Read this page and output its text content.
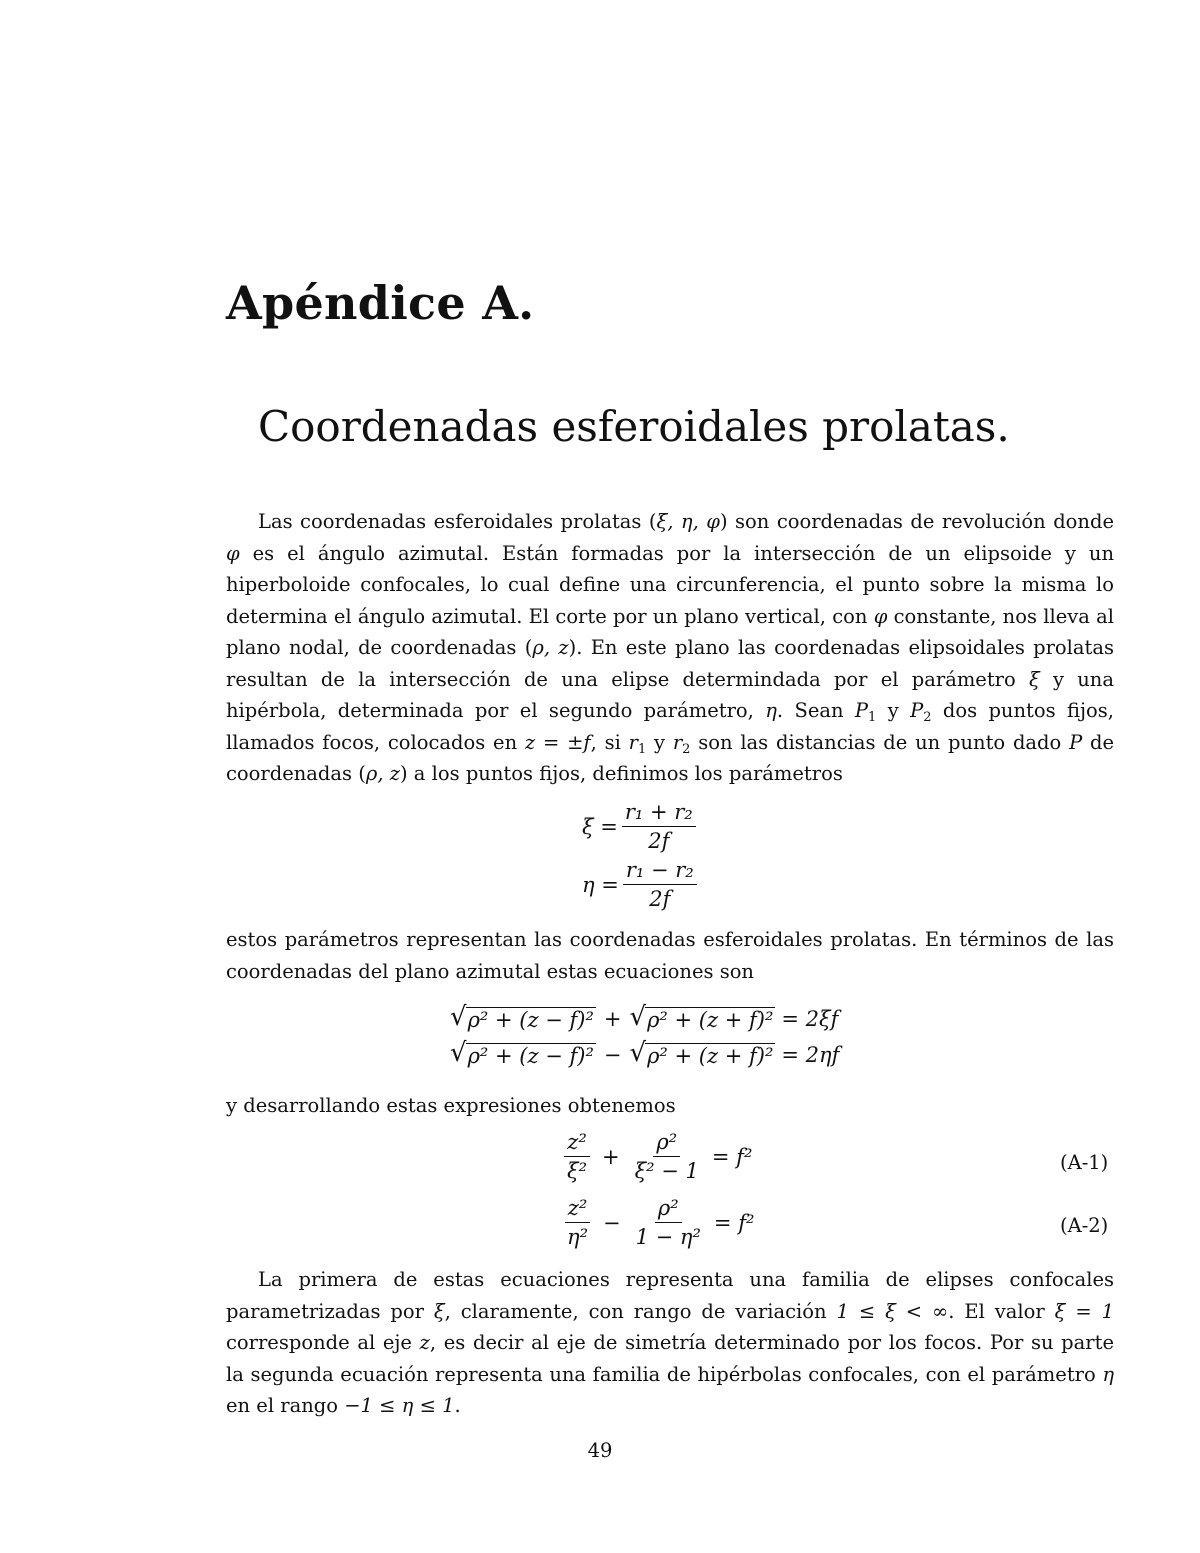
Apéndice A.
Coordenadas esferoidales prolatas.

Las coordenadas esferoidales prolatas (ξ, η, φ) son coordenadas de revolución donde φ es el ángulo azimutal. Están formadas por la intersección de un elipsoide y un hiperboloide confocales, lo cual define una circunferencia, el punto sobre la misma lo determina el ángulo azimutal. El corte por un plano vertical, con φ constante, nos lleva al plano nodal, de coordenadas (ρ, z). En este plano las coordenadas elipsoidales prolatas resultan de la intersección de una elipse determindada por el parámetro ξ y una hipérbola, determinada por el segundo parámetro, η. Sean $P_1$ y $P_2$ dos puntos fijos, llamados focos, colocados en z = ±f, si $r_1$ y $r_2$ son las distancias de un punto dado P de coordenadas (ρ, z) a los puntos fijos, definimos los parámetros

$\xi = \frac{\text{r₁ + r₂}}{2f}$
$\eta = \frac{\text{r₁ − r₂}}{2f}$

estos parámetros representan las coordenadas esferoidales prolatas. En términos de las coordenadas del plano azimutal estas ecuaciones son

√ ρ² + (z − f)² + √ ρ² + (z + f)² = 2ξf
√ ρ² + (z − f)² − √ ρ² + (z + f)² = 2ηf

y desarrollando estas expresiones obtenemos

$\frac{\text{z²}}{\text{ξ²}} + \frac{\text{ρ²}}{\text{ξ² − 1}} = f^2$	(A-1)
$\frac{\text{z²}}{\text{η²}} - \frac{\text{ρ²}}{\text{1 − η²}} = f^2$	(A-2)

La primera de estas ecuaciones representa una familia de elipses confocales parametrizadas por ξ, claramente, con rango de variación 1 ≤ ξ < ∞. El valor ξ = 1 corresponde al eje z, es decir al eje de simetría determinado por los focos. Por su parte la segunda ecuación representa una familia de hipérbolas confocales, con el parámetro η en el rango −1 ≤ η ≤ 1.

49
